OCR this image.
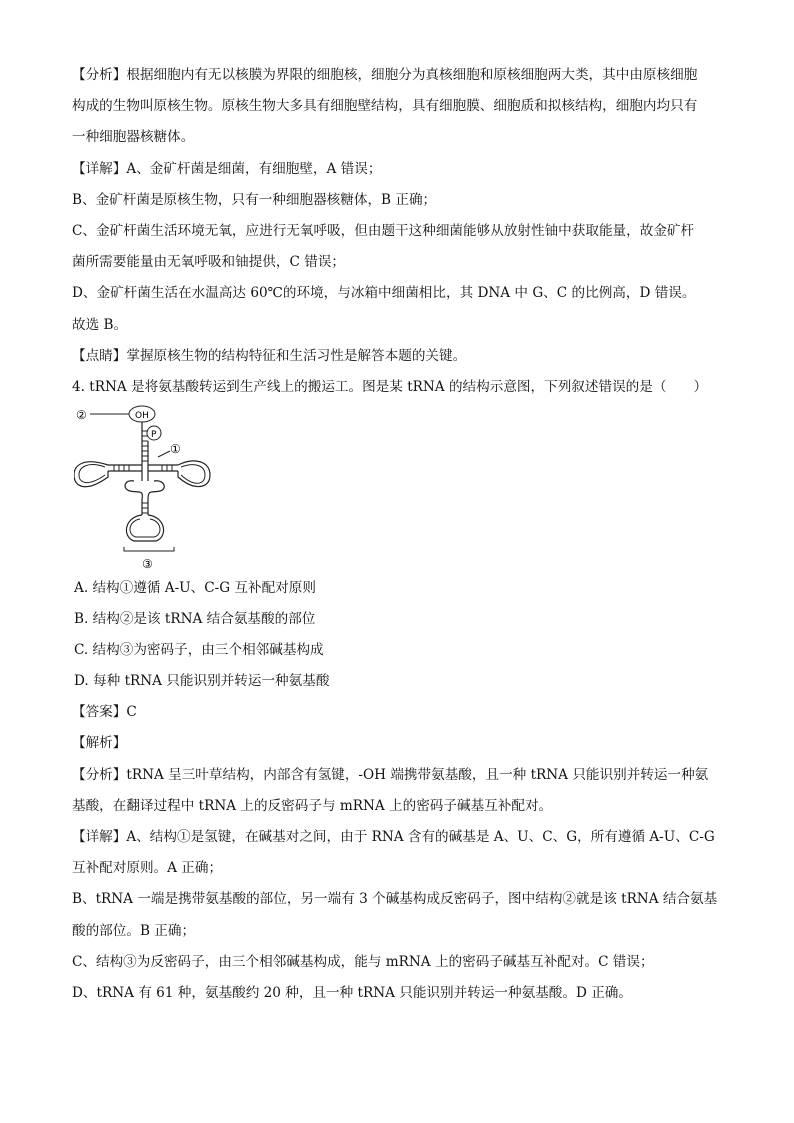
【分析】根据细胞内有无以核膜为界限的细胞核，细胞分为真核细胞和原核细胞两大类，其中由原核细胞

构成的生物叫原核生物。原核生物大多具有细胞壁结构，具有细胞膜、细胞质和拟核结构，细胞内均只有

一种细胞器核糖体。

【详解】A、金矿杆菌是细菌，有细胞壁，A 错误；

B、金矿杆菌是原核生物，只有一种细胞器核糖体，B 正确；

C、金矿杆菌生活环境无氧，应进行无氧呼吸，但由题干这种细菌能够从放射性铀中获取能量，故金矿杆

菌所需要能量由无氧呼吸和铀提供，C 错误；

D、金矿杆菌生活在水温高达 60℃的环境，与冰箱中细菌相比，其 DNA 中 G、C 的比例高，D 错误。

故选 B。

【点睛】掌握原核生物的结构特征和生活习性是解答本题的关键。

4. tRNA 是将氨基酸转运到生产线上的搬运工。图是某 tRNA 的结构示意图，下列叙述错误的是（　　）

②	OH
P
①
③

A. 结构①遵循 A-U、C-G 互补配对原则

B. 结构②是该 tRNA 结合氨基酸的部位

C. 结构③为密码子，由三个相邻碱基构成

D. 每种 tRNA 只能识别并转运一种氨基酸

【答案】C

【解析】

【分析】tRNA 呈三叶草结构，内部含有氢键，-OH 端携带氨基酸，且一种 tRNA 只能识别并转运一种氨

基酸，在翻译过程中 tRNA 上的反密码子与 mRNA 上的密码子碱基互补配对。

【详解】A、结构①是氢键，在碱基对之间，由于 RNA 含有的碱基是 A、U、C、G，所有遵循 A-U、C-G

互补配对原则。A 正确；

B、tRNA 一端是携带氨基酸的部位，另一端有 3 个碱基构成反密码子，图中结构②就是该 tRNA 结合氨基

酸的部位。B 正确；

C、结构③为反密码子，由三个相邻碱基构成，能与 mRNA 上的密码子碱基互补配对。C 错误；

D、tRNA 有 61 种，氨基酸约 20 种，且一种 tRNA 只能识别并转运一种氨基酸。D 正确。
